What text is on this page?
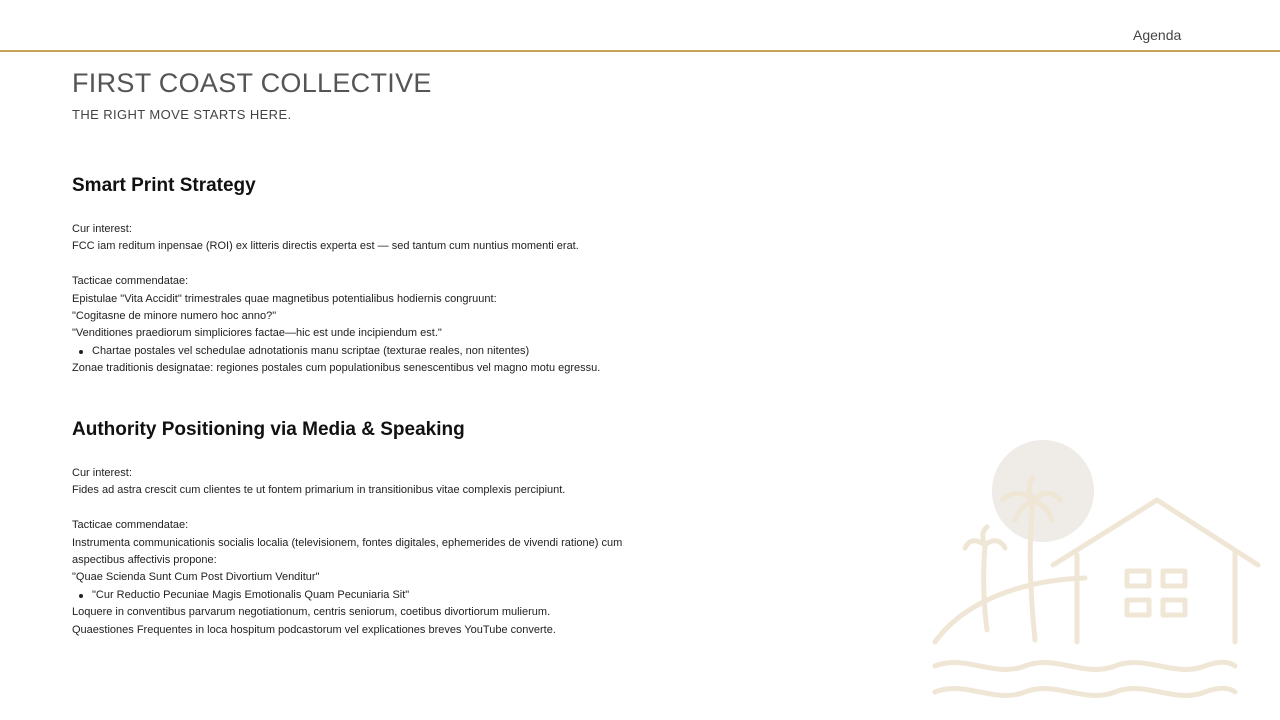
Agenda
FIRST COAST COLLECTIVE
THE RIGHT MOVE STARTS HERE.
Smart Print Strategy

Cur interest:

FCC iam reditum inpensae (ROI) ex litteris directis experta est — sed tantum cum nuntius momenti erat.

Tacticae commendatae:

Epistulae "Vita Accidit" trimestrales quae magnetibus potentialibus hodiernis congruunt:

"Cogitasne de minore numero hoc anno?"

"Venditiones praediorum simpliciores factae—hic est unde incipiendum est."

Chartae postales vel schedulae adnotationis manu scriptae (texturae reales, non nitentes)

Zonae traditionis designatae: regiones postales cum populationibus senescentibus vel magno motu egressu.

Authority Positioning via Media & Speaking

Cur interest:

Fides ad astra crescit cum clientes te ut fontem primarium in transitionibus vitae complexis percipiunt.

Tacticae commendatae:

Instrumenta communicationis socialis localia (televisionem, fontes digitales, ephemerides de vivendi ratione) cum

aspectibus affectivis propone:

"Quae Scienda Sunt Cum Post Divortium Venditur"

"Cur Reductio Pecuniae Magis Emotionalis Quam Pecuniaria Sit"

Loquere in conventibus parvarum negotiationum, centris seniorum, coetibus divortiorum mulierum.

Quaestiones Frequentes in loca hospitum podcastorum vel explicationes breves YouTube converte.
